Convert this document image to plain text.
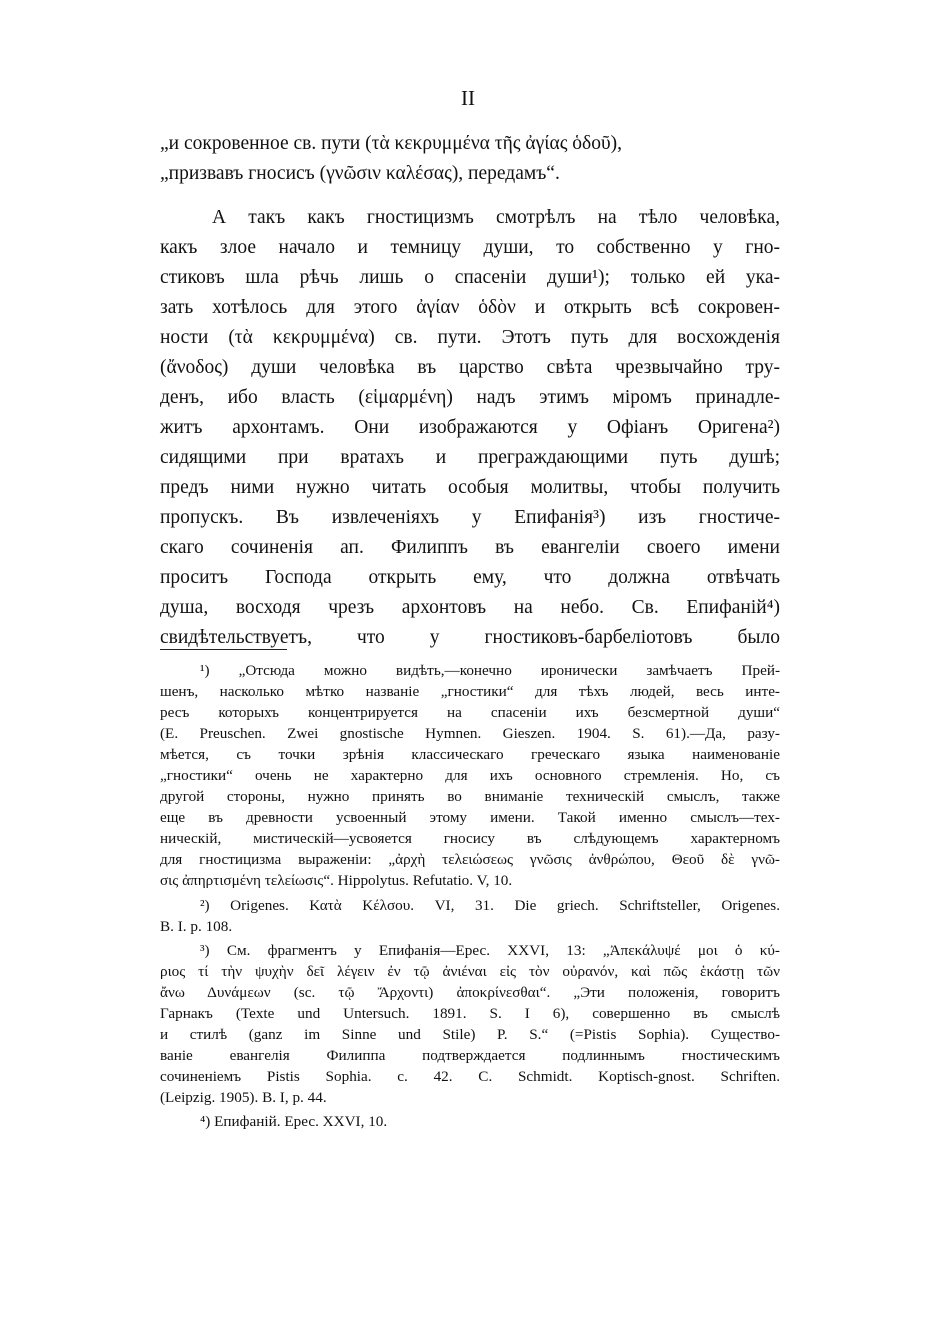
II
„и сокровенное св. пути (τὰ κεκρυμμένα τῆς ἀγίας ὁδοῦ),
„призвавъ гносисъ (γνῶσιν καλέσας), передамъ“.
А такъ какъ гностицизмъ смотрѣлъ на тѣло человѣка,
какъ злое начало и темницу души, то собственно у гно-
стиковъ шла рѣчь лишь о спасеніи души¹); только ей ука-
зать хотѣлось для этого ἀγίαν ὁδὸν и открыть всѣ сокровен-
ности (τὰ κεκρυμμένα) св. пути. Этотъ путь для восхожденія
(ἄνοδος) души человѣка въ царство свѣта чрезвычайно тру-
денъ, ибо власть (εἱμαρμένη) надъ этимъ міромъ принадле-
житъ архонтамъ. Они изображаются у Офіанъ Оригена²)
сидящими при вратахъ и преграждающими путь душѣ;
предъ ними нужно читать особыя молитвы, чтобы получить
пропускъ. Въ извлеченіяхъ у Епифанія³) изъ гностиче-
скаго сочиненія ап. Филиппъ въ евангеліи своего имени
проситъ Господа открыть ему, что должна отвѣчать
душа, восходя чрезъ архонтовъ на небо. Св. Епифаній⁴)
свидѣтельствуетъ, что у гностиковъ-барбеліотовъ было
¹) „Отсюда можно видѣть,—конечно иронически замѣчаетъ Прей-
шенъ, насколько мѣтко названіе „гностики“ для тѣхъ людей, весь инте-
ресъ которыхъ концентрируется на спасеніи ихъ безсмертной души“
(E. Preuschen. Zwei gnostische Hymnen. Gieszen. 1904. S. 61).—Да, разу-
мѣется, съ точки зрѣнія классическаго греческаго языка наименованіе
„гностики“ очень не характерно для ихъ основного стремленія. Но, съ
другой стороны, нужно принять во вниманіе техническій смыслъ, также
еще въ древности усвоенный этому имени. Такой именно смыслъ—тех-
ническій, мистическій—усвояется гносису въ слѣдующемъ характерномъ
для гностицизма выраженіи: „ἀρχὴ τελειώσεως γνῶσις ἀνθρώπου, Θεοῦ δὲ γνῶ-
σις ἀπηρτισμένη τελείωσις“. Hippolytus. Refutatio. V, 10.
²) Origenes. Κατὰ Κέλσου. VI, 31. Die griech. Schriftsteller, Origenes.
B. I. p. 108.
³) См. фрагментъ у Епифанія—Ерес. XXVI, 13: „Ἀπεκάλυψέ μοι ὁ κύ-
ριος τί τὴν ψυχὴν δεῖ λέγειν ἐν τῷ ἀνιέναι εἰς τὸν οὐρανόν, καὶ πῶς ἑκάστῃ τῶν
ἄνω Δυνάμεων (sc. τῷ Ἄρχοντι) ἀποκρίνεσθαι“. „Эти положенія, говоритъ
Гарнакъ (Texte und Untersuch. 1891. S. I 6), совершенно въ смыслѣ
и стилѣ (ganz im Sinne und Stile) P. S.“ (=Pistis Sophia). Существо-
ваніе евангелія Филиппа подтверждается подлиннымъ гностическимъ
сочиненіемъ Pistis Sophia. c. 42. C. Schmidt. Koptisch-gnost. Schriften.
(Leipzig. 1905). B. I, p. 44.
⁴) Епифаній. Ерес. XXVI, 10.
